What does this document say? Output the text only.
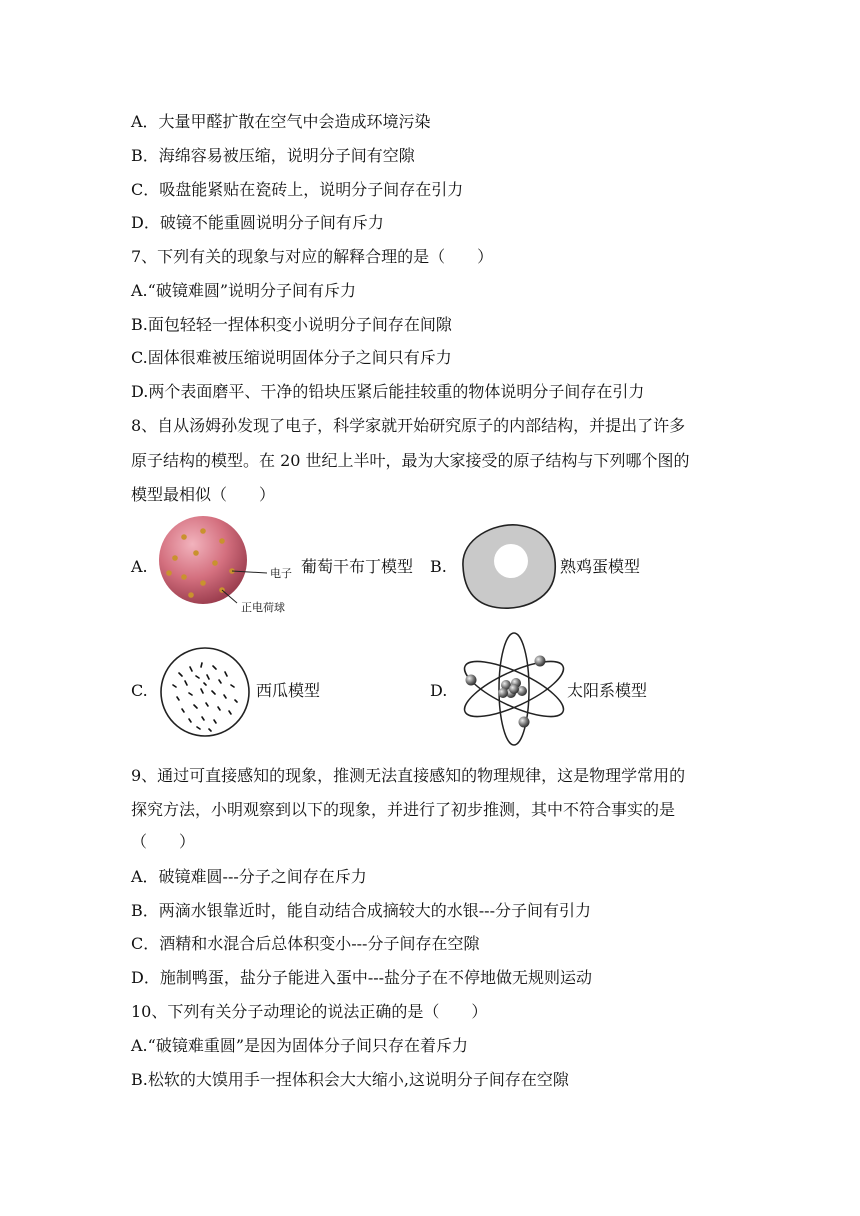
A．大量甲醛扩散在空气中会造成环境污染
B．海绵容易被压缩，说明分子间有空隙
C．吸盘能紧贴在瓷砖上，说明分子间存在引力
D．破镜不能重圆说明分子间有斥力
7、下列有关的现象与对应的解释合理的是（　　）
A.“破镜难圆”说明分子间有斥力
B.面包轻轻一捏体积变小说明分子间存在间隙
C.固体很难被压缩说明固体分子之间只有斥力
D.两个表面磨平、干净的铅块压紧后能挂较重的物体说明分子间存在引力
8、自从汤姆孙发现了电子，科学家就开始研究原子的内部结构，并提出了许多
原子结构的模型。在 20 世纪上半叶，最为大家接受的原子结构与下列哪个图的
模型最相似（　　）
A.	电子
正电荷球
葡萄干布丁模型 B.	熟鸡蛋模型
C.	西瓜模型	D.	太阳系模型
9、通过可直接感知的现象，推测无法直接感知的物理规律，这是物理学常用的
探究方法，小明观察到以下的现象，并进行了初步推测，其中不符合事实的是
（　　）
A．破镜难圆---分子之间存在斥力
B．两滴水银靠近时，能自动结合成摘较大的水银---分子间有引力
C．酒精和水混合后总体积变小---分子间存在空隙
D．施制鸭蛋，盐分子能进入蛋中---盐分子在不停地做无规则运动
10、下列有关分子动理论的说法正确的是（　　）
A.“破镜难重圆”是因为固体分子间只存在着斥力
B.松软的大馍用手一捏体积会大大缩小,这说明分子间存在空隙
